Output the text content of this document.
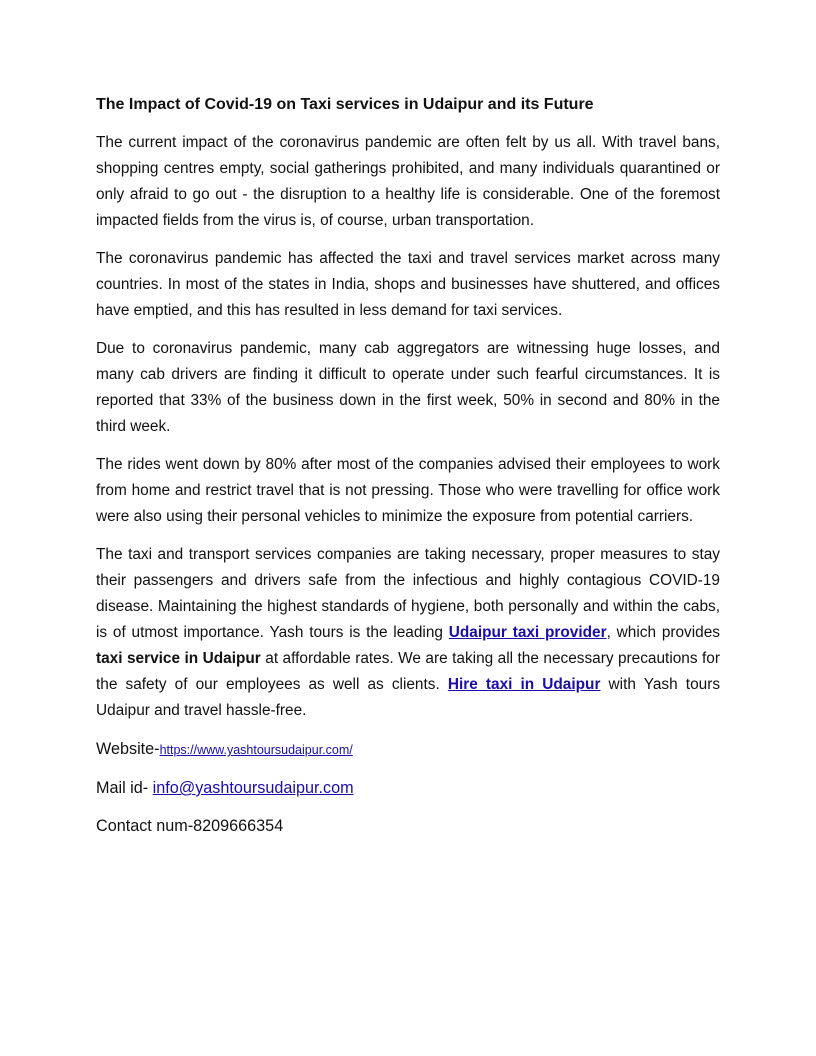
The Impact of Covid-19 on Taxi services in Udaipur and its Future

The current impact of the coronavirus pandemic are often felt by us all. With travel bans, shopping centres empty, social gatherings prohibited, and many individuals quarantined or only afraid to go out - the disruption to a healthy life is considerable. One of the foremost impacted fields from the virus is, of course, urban transportation.

The coronavirus pandemic has affected the taxi and travel services market across many countries. In most of the states in India, shops and businesses have shuttered, and offices have emptied, and this has resulted in less demand for taxi services.

Due to coronavirus pandemic, many cab aggregators are witnessing huge losses, and many cab drivers are finding it difficult to operate under such fearful circumstances. It is reported that 33% of the business down in the first week, 50% in second and 80% in the third week.

The rides went down by 80% after most of the companies advised their employees to work from home and restrict travel that is not pressing. Those who were travelling for office work were also using their personal vehicles to minimize the exposure from potential carriers.

The taxi and transport services companies are taking necessary, proper measures to stay their passengers and drivers safe from the infectious and highly contagious COVID-19 disease. Maintaining the highest standards of hygiene, both personally and within the cabs, is of utmost importance. Yash tours is the leading Udaipur taxi provider, which provides taxi service in Udaipur at affordable rates. We are taking all the necessary precautions for the safety of our employees as well as clients. Hire taxi in Udaipur with Yash tours Udaipur and travel hassle-free.

Website-https://www.yashtoursudaipur.com/
Mail id- info@yashtoursudaipur.com
Contact num-8209666354
